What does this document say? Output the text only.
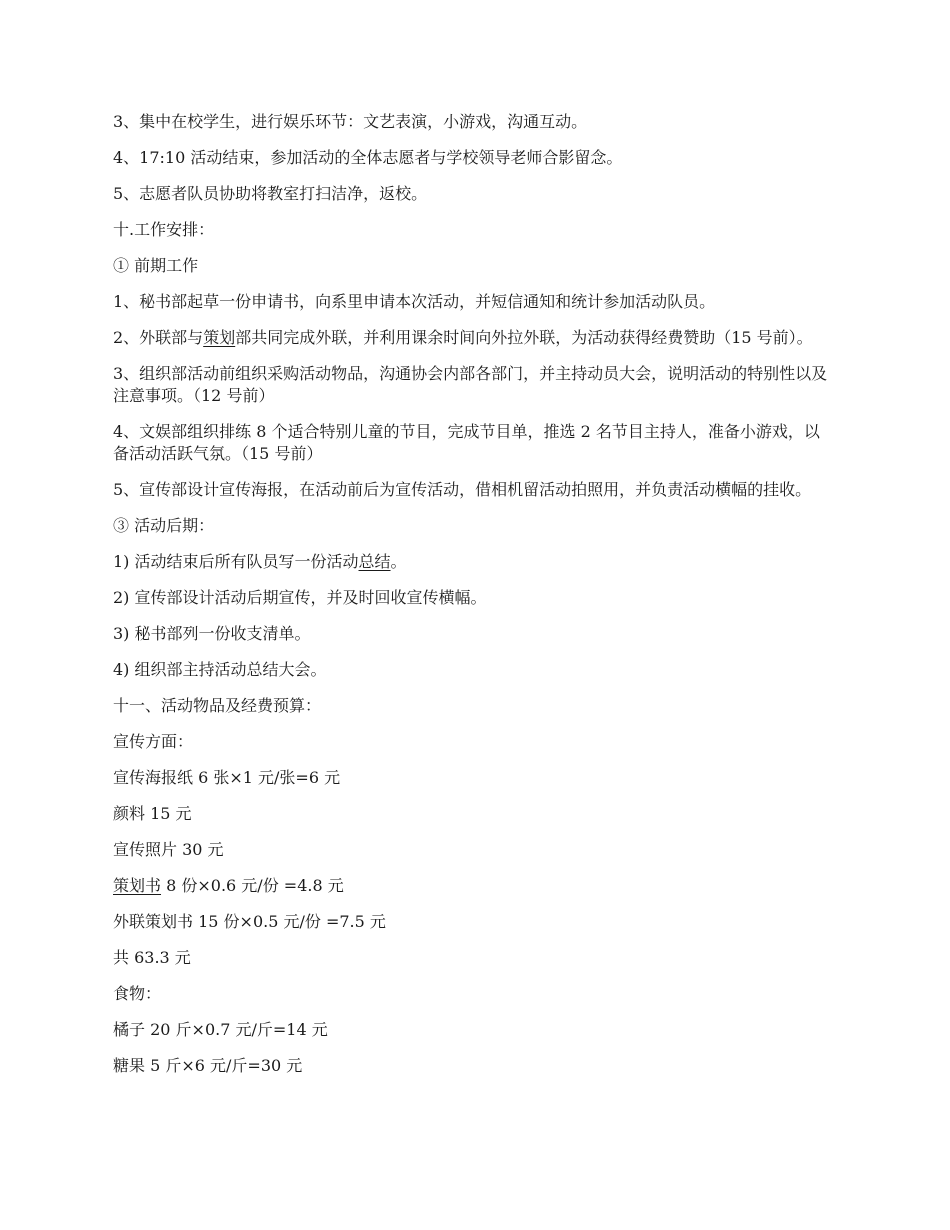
3、集中在校学生，进行娱乐环节：文艺表演，小游戏，沟通互动。

4、17:10 活动结束，参加活动的全体志愿者与学校领导老师合影留念。

5、志愿者队员协助将教室打扫洁净，返校。

十.工作安排：

① 前期工作

1、秘书部起草一份申请书，向系里申请本次活动，并短信通知和统计参加活动队员。

2、外联部与策划部共同完成外联，并利用课余时间向外拉外联，为活动获得经费赞助（15 号前）。

3、组织部活动前组织采购活动物品，沟通协会内部各部门，并主持动员大会，说明活动的特别性以及注意事项。（12 号前）

4、文娱部组织排练 8 个适合特别儿童的节目，完成节目单，推选 2 名节目主持人，准备小游戏，以备活动活跃气氛。（15 号前）

5、宣传部设计宣传海报，在活动前后为宣传活动，借相机留活动拍照用，并负责活动横幅的挂收。

③ 活动后期：

1) 活动结束后所有队员写一份活动总结。

2) 宣传部设计活动后期宣传，并及时回收宣传横幅。

3) 秘书部列一份收支清单。

4) 组织部主持活动总结大会。

十一、活动物品及经费预算：

宣传方面：

宣传海报纸 6 张×1 元/张=6 元

颜料 15 元

宣传照片 30 元

策划书 8 份×0.6 元/份 =4.8 元

外联策划书 15 份×0.5 元/份 =7.5 元

共 63.3 元

食物：

橘子 20 斤×0.7 元/斤=14 元

糖果 5 斤×6 元/斤=30 元
